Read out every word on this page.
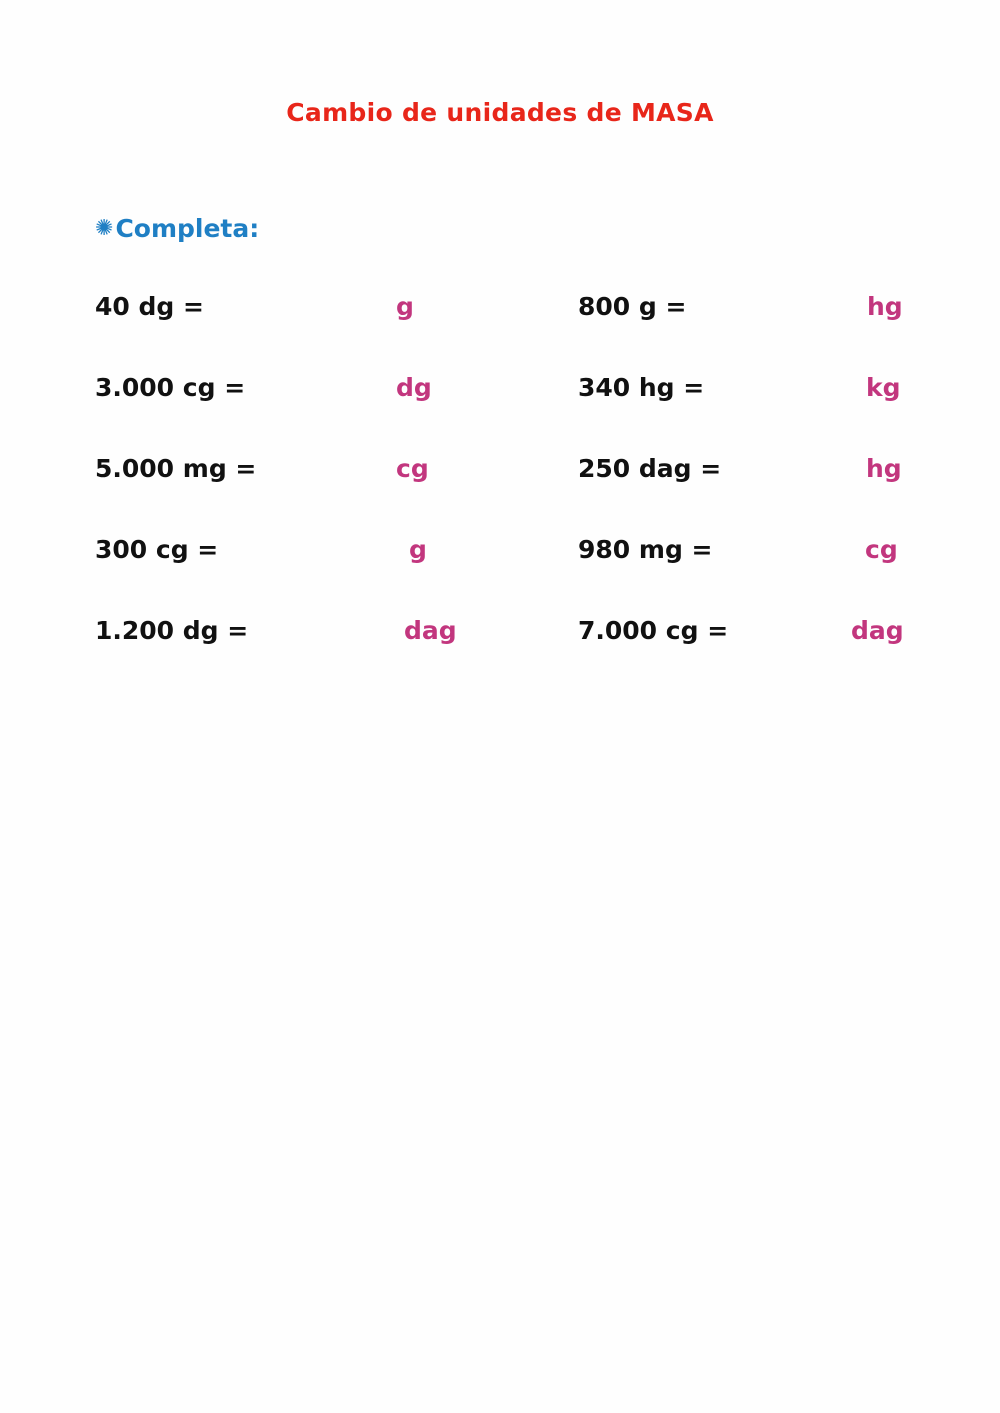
Cambio de unidades de MASA
✺ Completa:
40 dg =	g
3.000 cg =	dg
5.000 mg =	cg
300 cg =	g
1.200 dg =	dag
800 g =	hg
340 hg =	kg
250 dag =	hg
980 mg =	cg
7.000 cg =	dag
